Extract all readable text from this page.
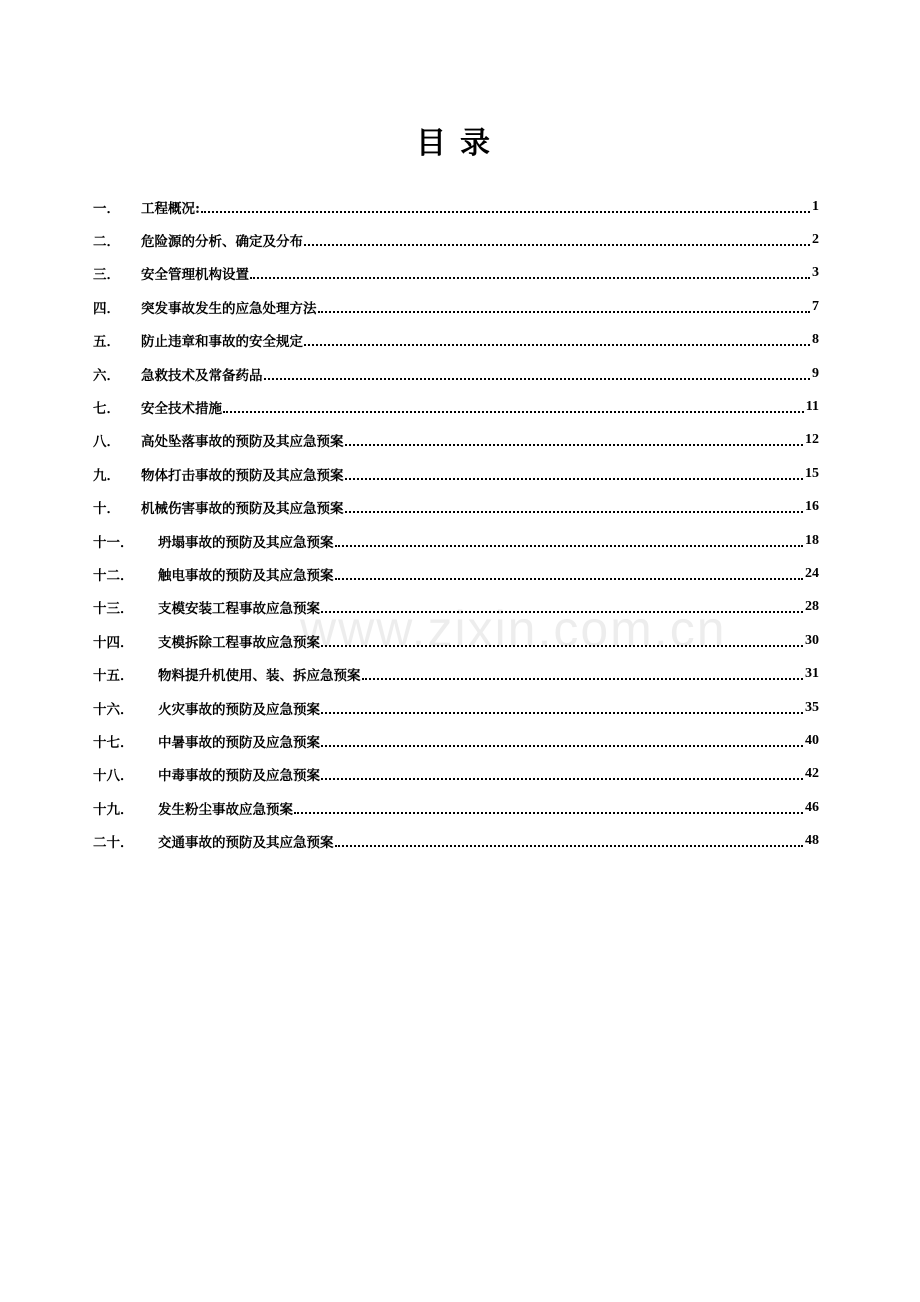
目录
一．	工程概况:	1
二．	危险源的分析、确定及分布	2
三．	安全管理机构设置	3
四．	突发事故发生的应急处理方法	7
五．	防止违章和事故的安全规定	8
六．	急救技术及常备药品	9
七．	安全技术措施	11
八．	高处坠落事故的预防及其应急预案	12
九．	物体打击事故的预防及其应急预案	15
十．	机械伤害事故的预防及其应急预案	16
十一．	坍塌事故的预防及其应急预案	18
十二．	触电事故的预防及其应急预案	24
十三．	支模安装工程事故应急预案	28
十四．	支模拆除工程事故应急预案	30
十五．	物料提升机使用、装、拆应急预案	31
十六．	火灾事故的预防及应急预案	35
十七．	中暑事故的预防及应急预案	40
十八．	中毒事故的预防及应急预案	42
十九．	发生粉尘事故应急预案	46
二十．	交通事故的预防及其应急预案	48
www.zixin.com.cn
